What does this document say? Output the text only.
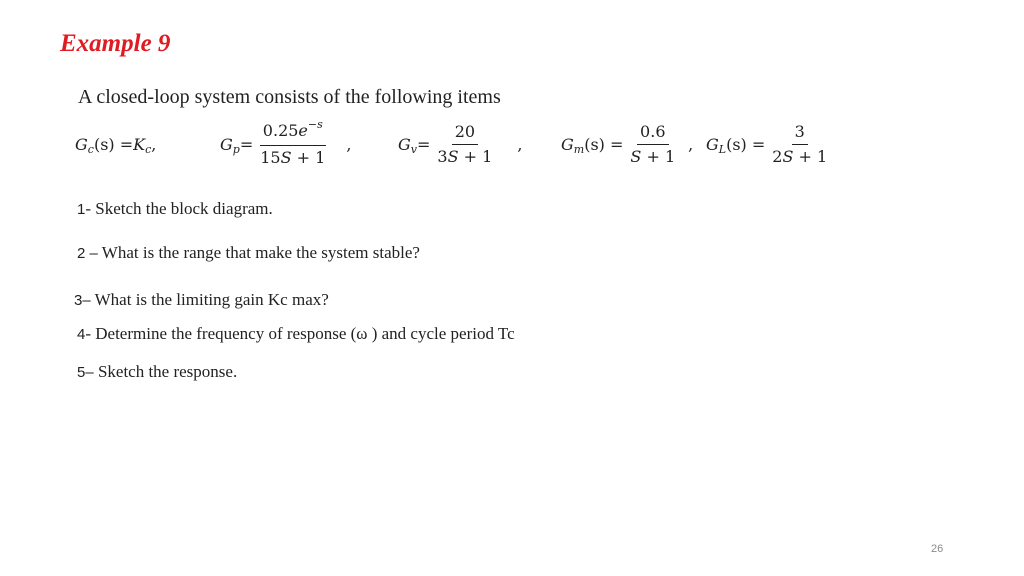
Example 9
A closed-loop system consists of the following items
G c (s) = K c ,	G $p = \frac{0.25e^{-s}}{15S + 1}$ ,	G $v = \frac{20}{3S + 1}$ , G m $(s) = \frac{0.6}{S + 1}$ , G L $(s) = \frac{3}{2S + 1}$
1- Sketch the block diagram.
2 – What is the range that make the system stable?
3– What is the limiting gain Kc max?
4- Determine the frequency of response (ω ) and cycle period Tc
5– Sketch the response.
26
